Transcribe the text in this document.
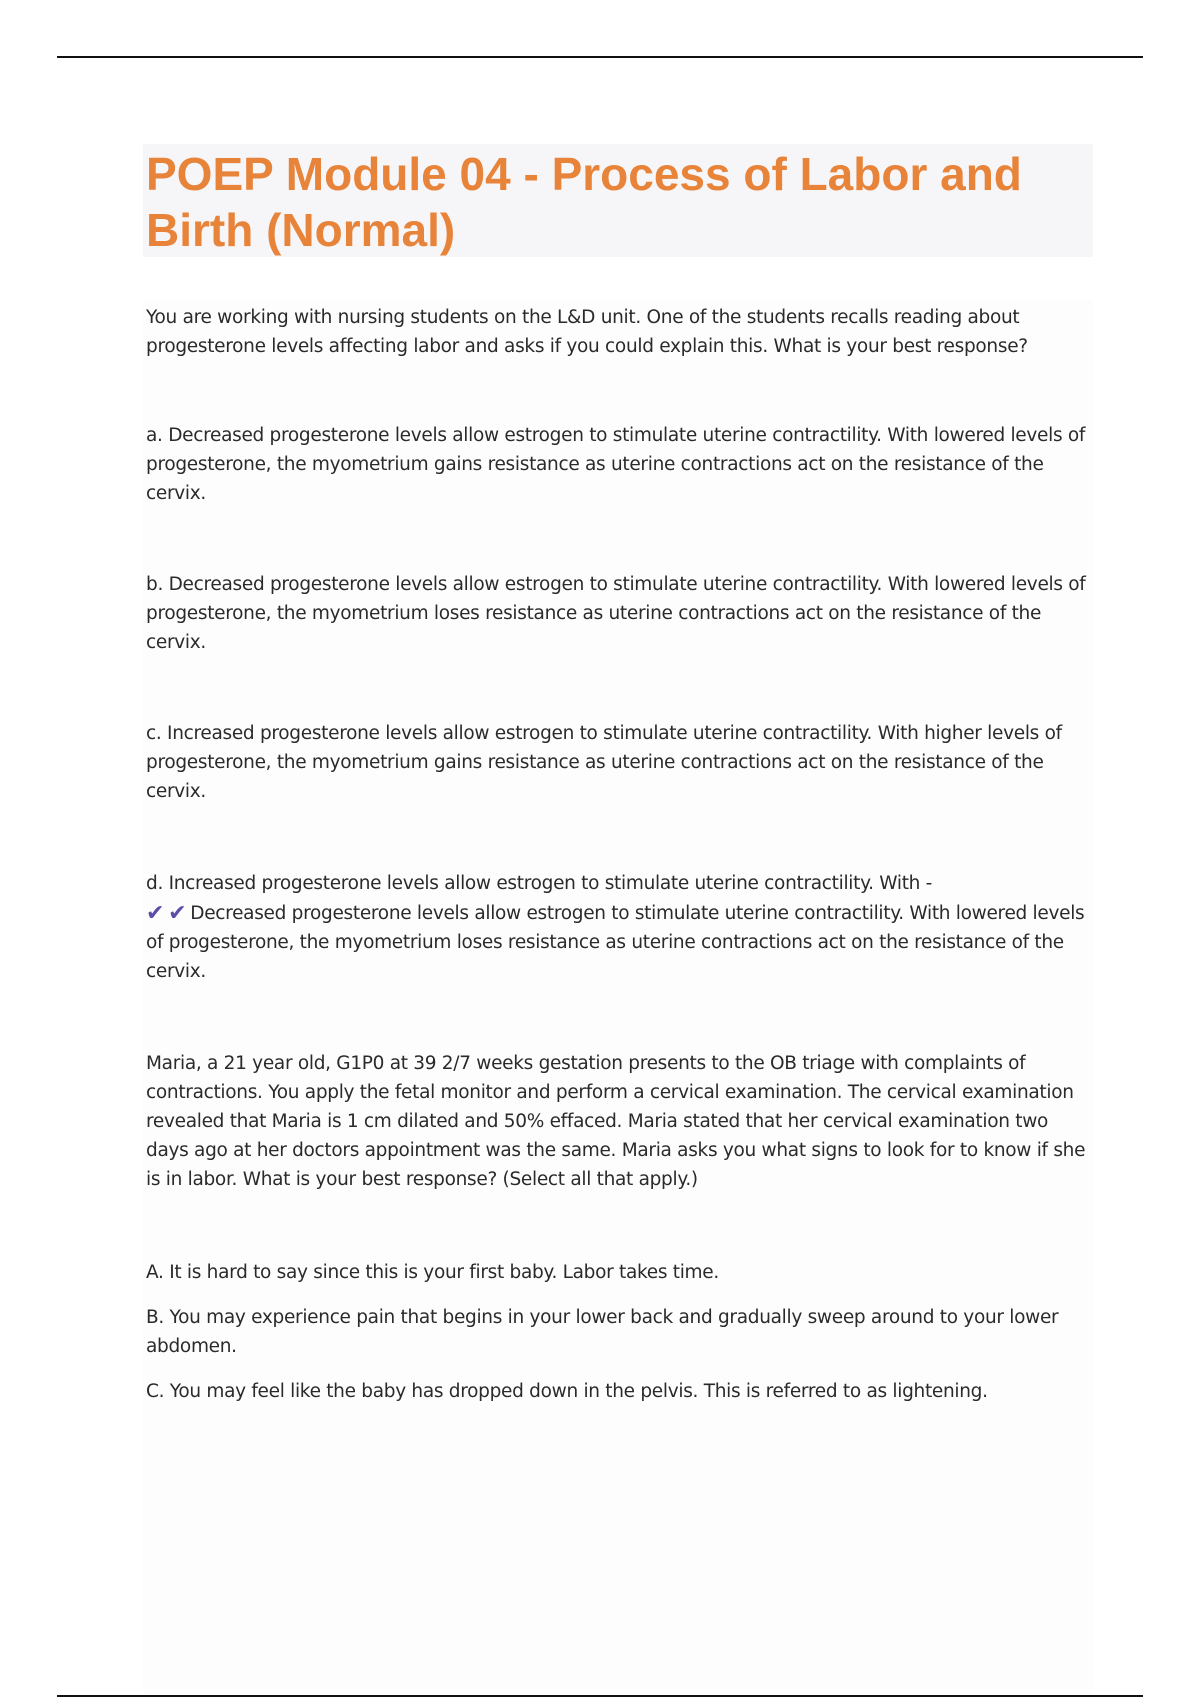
POEP Module 04 - Process of Labor and Birth (Normal)

You are working with nursing students on the L&D unit. One of the students recalls reading about progesterone levels affecting labor and asks if you could explain this. What is your best response?

a. Decreased progesterone levels allow estrogen to stimulate uterine contractility. With lowered levels of progesterone, the myometrium gains resistance as uterine contractions act on the resistance of the cervix.

b. Decreased progesterone levels allow estrogen to stimulate uterine contractility. With lowered levels of progesterone, the myometrium loses resistance as uterine contractions act on the resistance of the cervix.

c. Increased progesterone levels allow estrogen to stimulate uterine contractility. With higher levels of progesterone, the myometrium gains resistance as uterine contractions act on the resistance of the cervix.

d. Increased progesterone levels allow estrogen to stimulate uterine contractility. With -

✔ ✔ Decreased progesterone levels allow estrogen to stimulate uterine contractility. With lowered levels of progesterone, the myometrium loses resistance as uterine contractions act on the resistance of the cervix.

Maria, a 21 year old, G1P0 at 39 2/7 weeks gestation presents to the OB triage with complaints of contractions. You apply the fetal monitor and perform a cervical examination. The cervical examination revealed that Maria is 1 cm dilated and 50% effaced. Maria stated that her cervical examination two days ago at her doctors appointment was the same. Maria asks you what signs to look for to know if she is in labor. What is your best response? (Select all that apply.)

A. It is hard to say since this is your first baby. Labor takes time.

B. You may experience pain that begins in your lower back and gradually sweep around to your lower abdomen.

C. You may feel like the baby has dropped down in the pelvis. This is referred to as lightening.
